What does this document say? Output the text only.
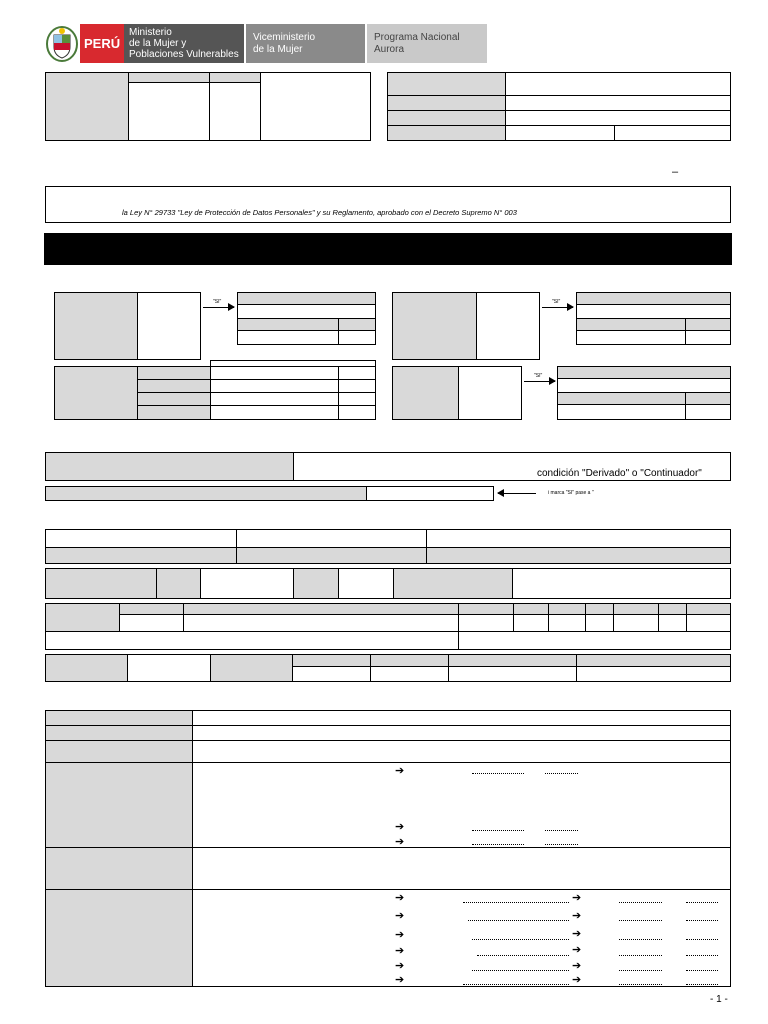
PERÚ
Ministerio
de la Mujer y
Poblaciones Vulnerables
Viceministerio
de la Mujer
Programa Nacional
Aurora
–
la Ley N° 29733 "Ley de Protección de Datos Personales" y su Reglamento, aprobado con el Decreto Supremo N° 003
"SI"	"SI"
"SI"
condición "Derivado" o "Continuador"
i marca "SI" pase a "
➔
➔
➔
➔	➔
➔	➔
➔	➔
➔	➔
➔	➔
➔	➔
- 1 -
